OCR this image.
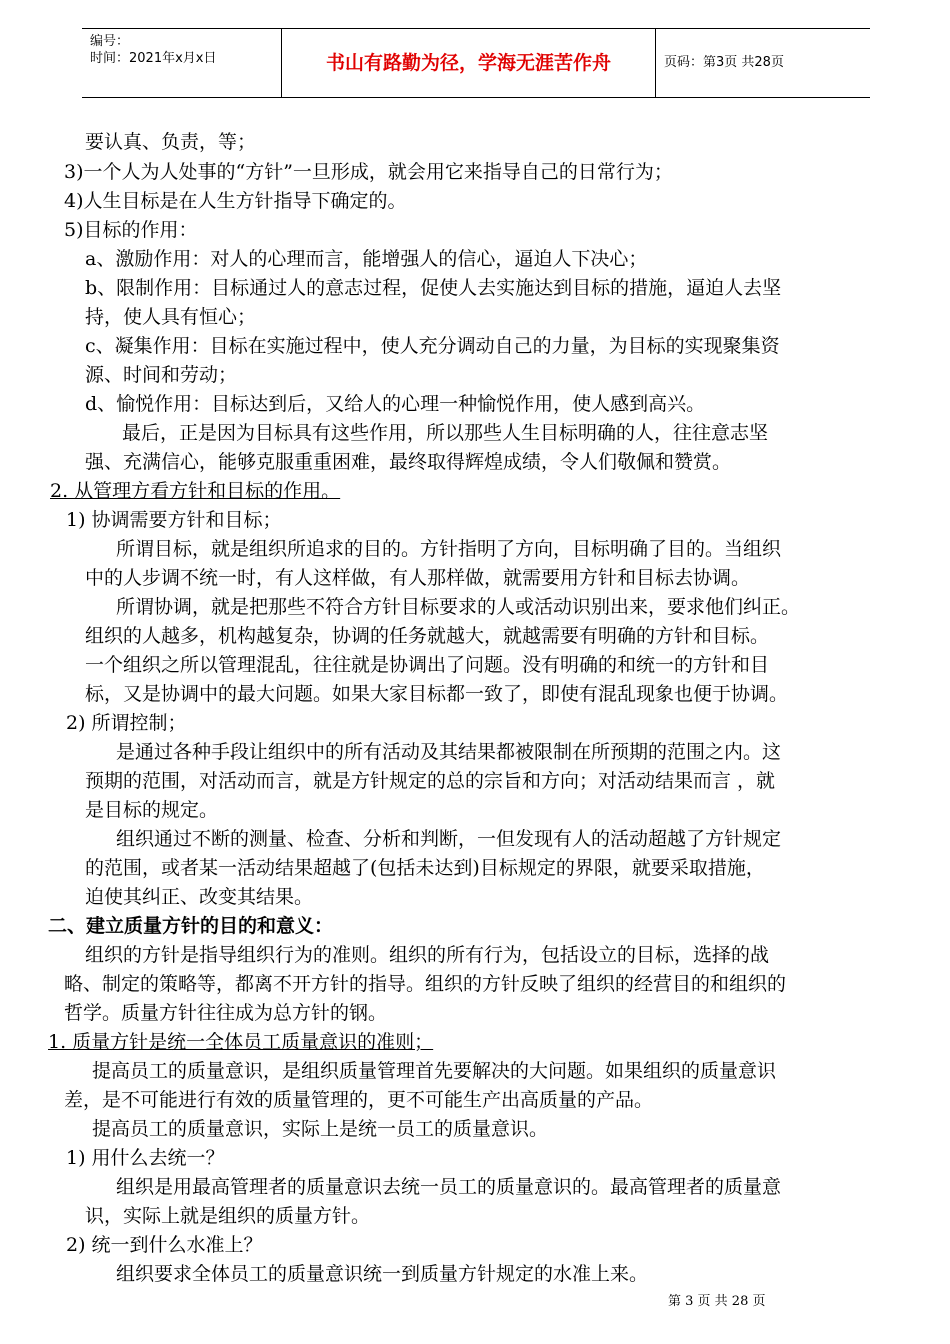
编号：
时间：2021年x月x日	书山有路勤为径，学海无涯苦作舟	页码：第3页 共28页
要认真、负责，等；
3)一个人为人处事的“方针”一旦形成，就会用它来指导自己的日常行为；
4)人生目标是在人生方针指导下确定的。
5)目标的作用：
a、激励作用：对人的心理而言，能增强人的信心，逼迫人下决心；
b、限制作用：目标通过人的意志过程，促使人去实施达到目标的措施，逼迫人去坚
持，使人具有恒心；
c、凝集作用：目标在实施过程中，使人充分调动自己的力量，为目标的实现聚集资
源、时间和劳动；
d、愉悦作用：目标达到后，又给人的心理一种愉悦作用，使人感到高兴。
最后，正是因为目标具有这些作用，所以那些人生目标明确的人，往往意志坚
强、充满信心，能够克服重重困难，最终取得辉煌成绩，令人们敬佩和赞赏。
2. 从管理方看方针和目标的作用。
1) 协调需要方针和目标；
所谓目标，就是组织所追求的目的。方针指明了方向，目标明确了目的。当组织
中的人步调不统一时，有人这样做，有人那样做，就需要用方针和目标去协调。
所谓协调，就是把那些不符合方针目标要求的人或活动识别出来，要求他们纠正。
组织的人越多，机构越复杂，协调的任务就越大，就越需要有明确的方针和目标。
一个组织之所以管理混乱，往往就是协调出了问题。没有明确的和统一的方针和目
标，又是协调中的最大问题。如果大家目标都一致了，即使有混乱现象也便于协调。
2) 所谓控制；
是通过各种手段让组织中的所有活动及其结果都被限制在所预期的范围之内。这
预期的范围，对活动而言，就是方针规定的总的宗旨和方向；对活动结果而言 ，就
是目标的规定。
组织通过不断的测量、检查、分析和判断，一但发现有人的活动超越了方针规定
的范围，或者某一活动结果超越了(包括未达到)目标规定的界限，就要采取措施，
迫使其纠正、改变其结果。
二、建立质量方针的目的和意义：
组织的方针是指导组织行为的准则。组织的所有行为，包括设立的目标，选择的战
略、制定的策略等，都离不开方针的指导。组织的方针反映了组织的经营目的和组织的
哲学。质量方针往往成为总方针的钢。
1. 质量方针是统一全体员工质量意识的准则；
提高员工的质量意识，是组织质量管理首先要解决的大问题。如果组织的质量意识
差，是不可能进行有效的质量管理的，更不可能生产出高质量的产品。
提高员工的质量意识，实际上是统一员工的质量意识。
1) 用什么去统一？
组织是用最高管理者的质量意识去统一员工的质量意识的。最高管理者的质量意
识，实际上就是组织的质量方针。
2) 统一到什么水准上？
组织要求全体员工的质量意识统一到质量方针规定的水准上来。
第 3 页 共 28 页
